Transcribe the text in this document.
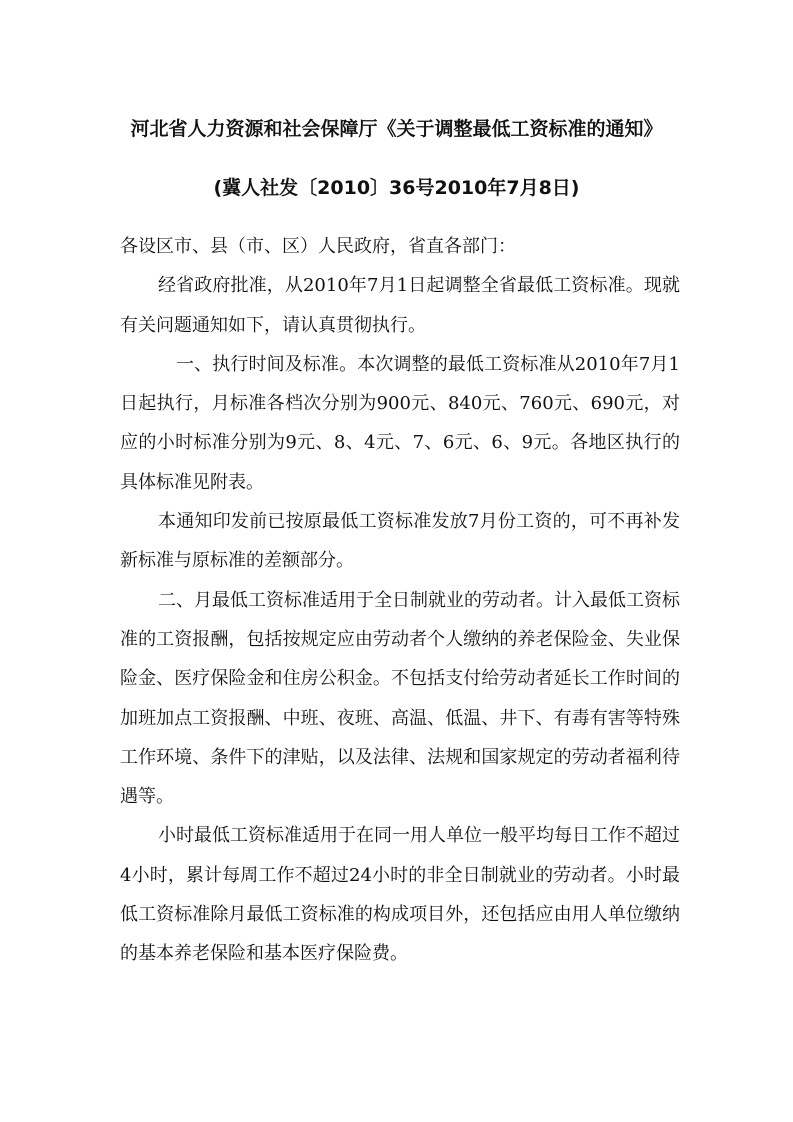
河北省人力资源和社会保障厅《关于调整最低工资标准的通知》
(冀人社发〔2010〕36号2010年7月8日)

各设区市、县（市、区）人民政府，省直各部门：

经省政府批准，从2010年7月1日起调整全省最低工资标准。现就有关问题通知如下，请认真贯彻执行。

一、执行时间及标准。本次调整的最低工资标准从2010年7月1日起执行，月标准各档次分别为900元、840元、760元、690元，对应的小时标准分别为9元、8、4元、7、6元、6、9元。各地区执行的具体标准见附表。

本通知印发前已按原最低工资标准发放7月份工资的，可不再补发新标准与原标准的差额部分。

二、月最低工资标准适用于全日制就业的劳动者。计入最低工资标准的工资报酬，包括按规定应由劳动者个人缴纳的养老保险金、失业保险金、医疗保险金和住房公积金。不包括支付给劳动者延长工作时间的加班加点工资报酬、中班、夜班、高温、低温、井下、有毒有害等特殊工作环境、条件下的津贴，以及法律、法规和国家规定的劳动者福利待遇等。

小时最低工资标准适用于在同一用人单位一般平均每日工作不超过4小时，累计每周工作不超过24小时的非全日制就业的劳动者。小时最低工资标准除月最低工资标准的构成项目外，还包括应由用人单位缴纳的基本养老保险和基本医疗保险费。
